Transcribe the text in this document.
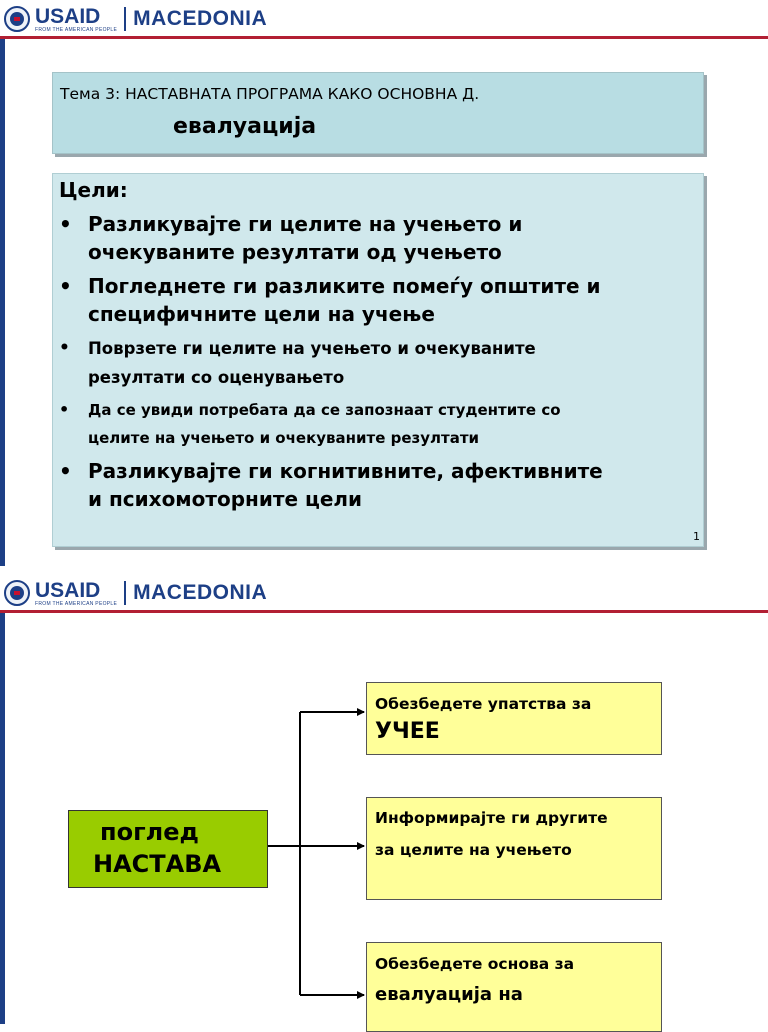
USAID
FROM THE AMERICAN PEOPLE MACEDONIA
Тема 3: НАСТАВНАТА ПРОГРАМА КАКО ОСНОВНА Д.
евалуација
Цели:
• Разликувајте ги целите на учењето и
очекуваните резултати од учењето
• Погледнете ги разликите помеѓу општите и
специфичните цели на учење
• Поврзете ги целите на учењето и очекуваните
резултати со оценувањето
• Да се увиди потребата да се запознаат студентите со
целите на учењето и очекуваните резултати
• Разликувајте ги когнитивните, афективните
и психомоторните цели
1
USAID
FROM THE AMERICAN PEOPLE MACEDONIA
поглед
НАСТАВА
Обезбедете упатства за
УЧЕЕ
Информирајте ги другите
за целите на учењето
Обезбедете основа за
евалуација на
